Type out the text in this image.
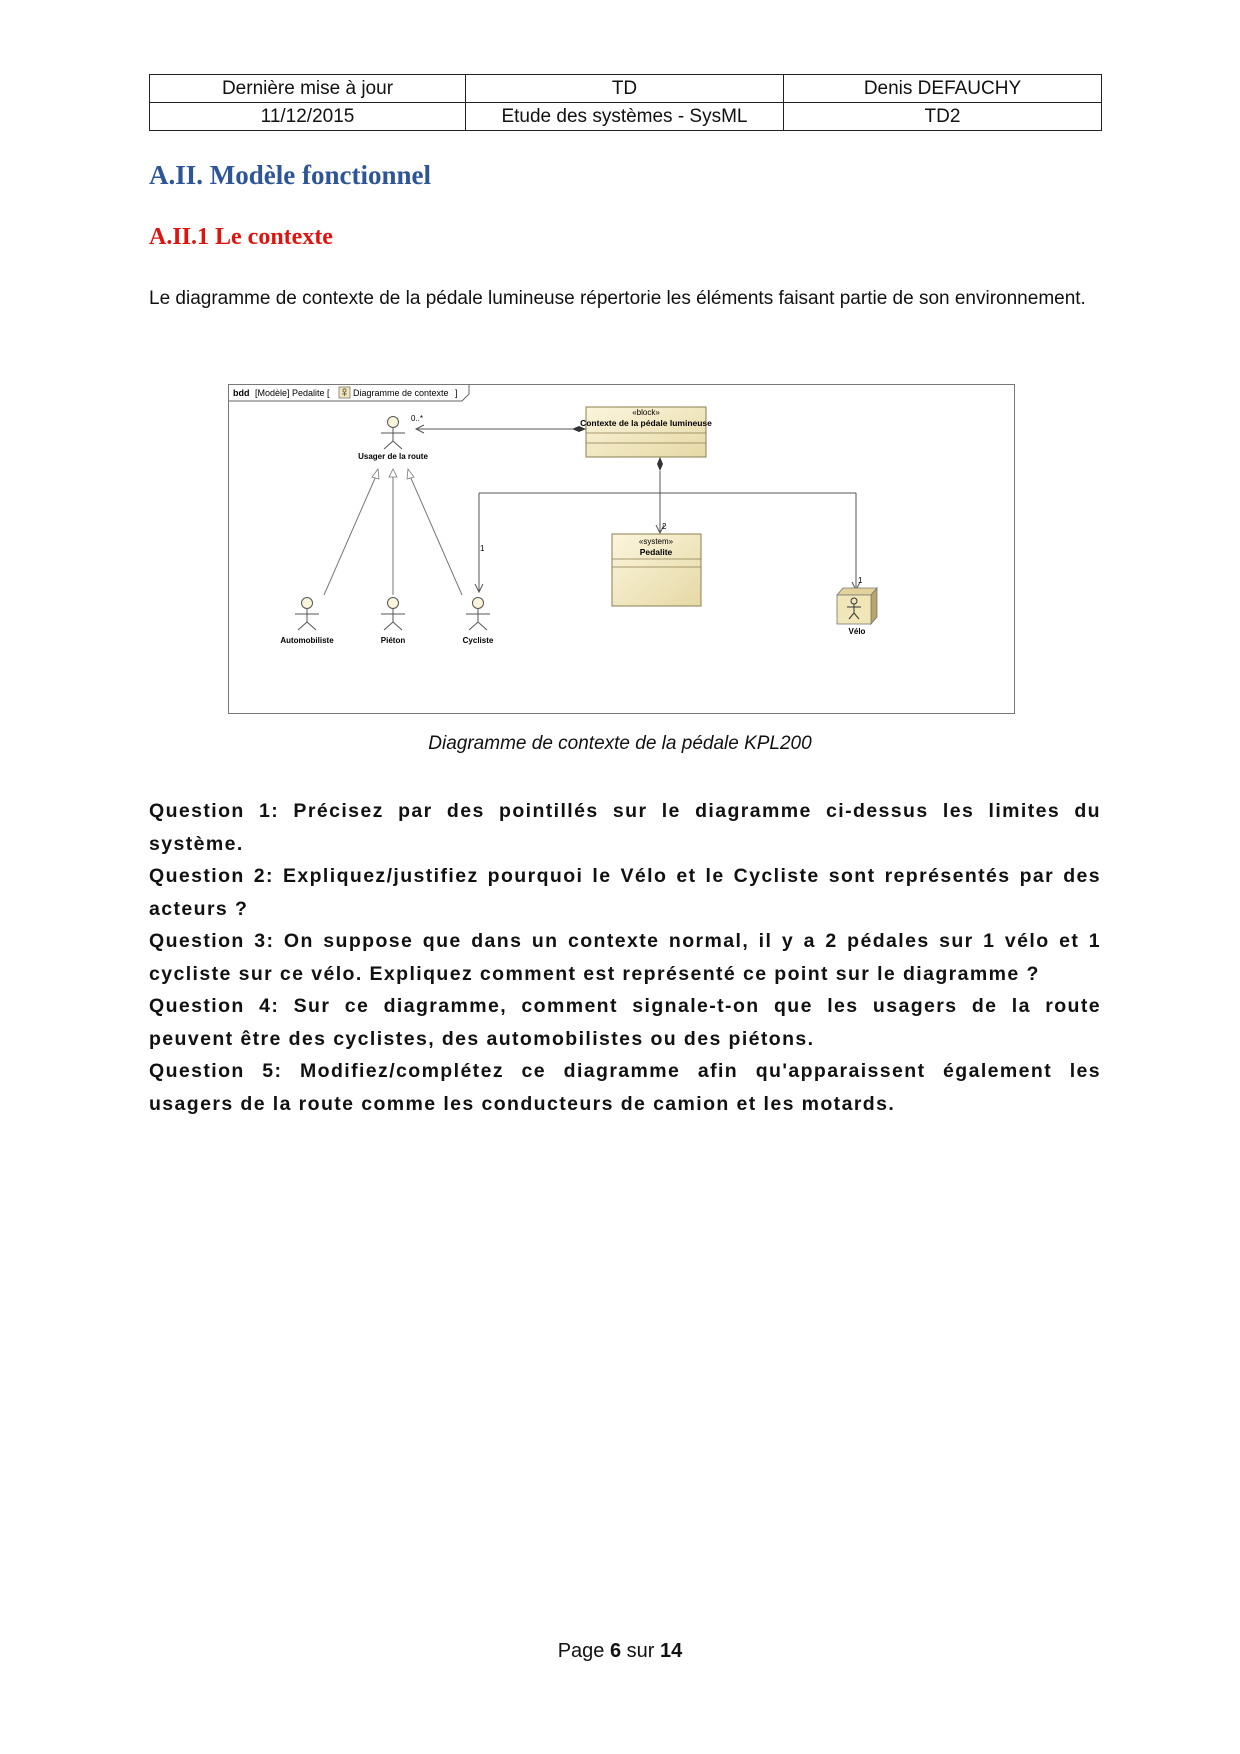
Dernière mise à jour	TD	Denis DEFAUCHY
11/12/2015	Etude des systèmes - SysML	TD2
A.II. Modèle fonctionnel
A.II.1 Le contexte

Le diagramme de contexte de la pédale lumineuse répertorie les éléments faisant partie de son environnement.

bdd [Modèle] Pedalite [	Diagramme de contexte ]
«block»
Contexte de la pédale lumineuse
0..*
Usager de la route
Automobiliste	Piéton	Cycliste
2
1
1
«system»
Pedalite
Vélo

Diagramme de contexte de la pédale KPL200

Question 1: Précisez par des pointillés sur le diagramme ci-dessus les limites du système.

Question 2: Expliquez/justifiez pourquoi le Vélo et le Cycliste sont représentés par des acteurs ?

Question 3: On suppose que dans un contexte normal, il y a 2 pédales sur 1 vélo et 1 cycliste sur ce vélo. Expliquez comment est représenté ce point sur le diagramme ?

Question 4: Sur ce diagramme, comment signale-t-on que les usagers de la route peuvent être des cyclistes, des automobilistes ou des piétons.

Question 5: Modifiez/complétez ce diagramme afin qu'apparaissent également les usagers de la route comme les conducteurs de camion et les motards.

Page 6 sur 14
